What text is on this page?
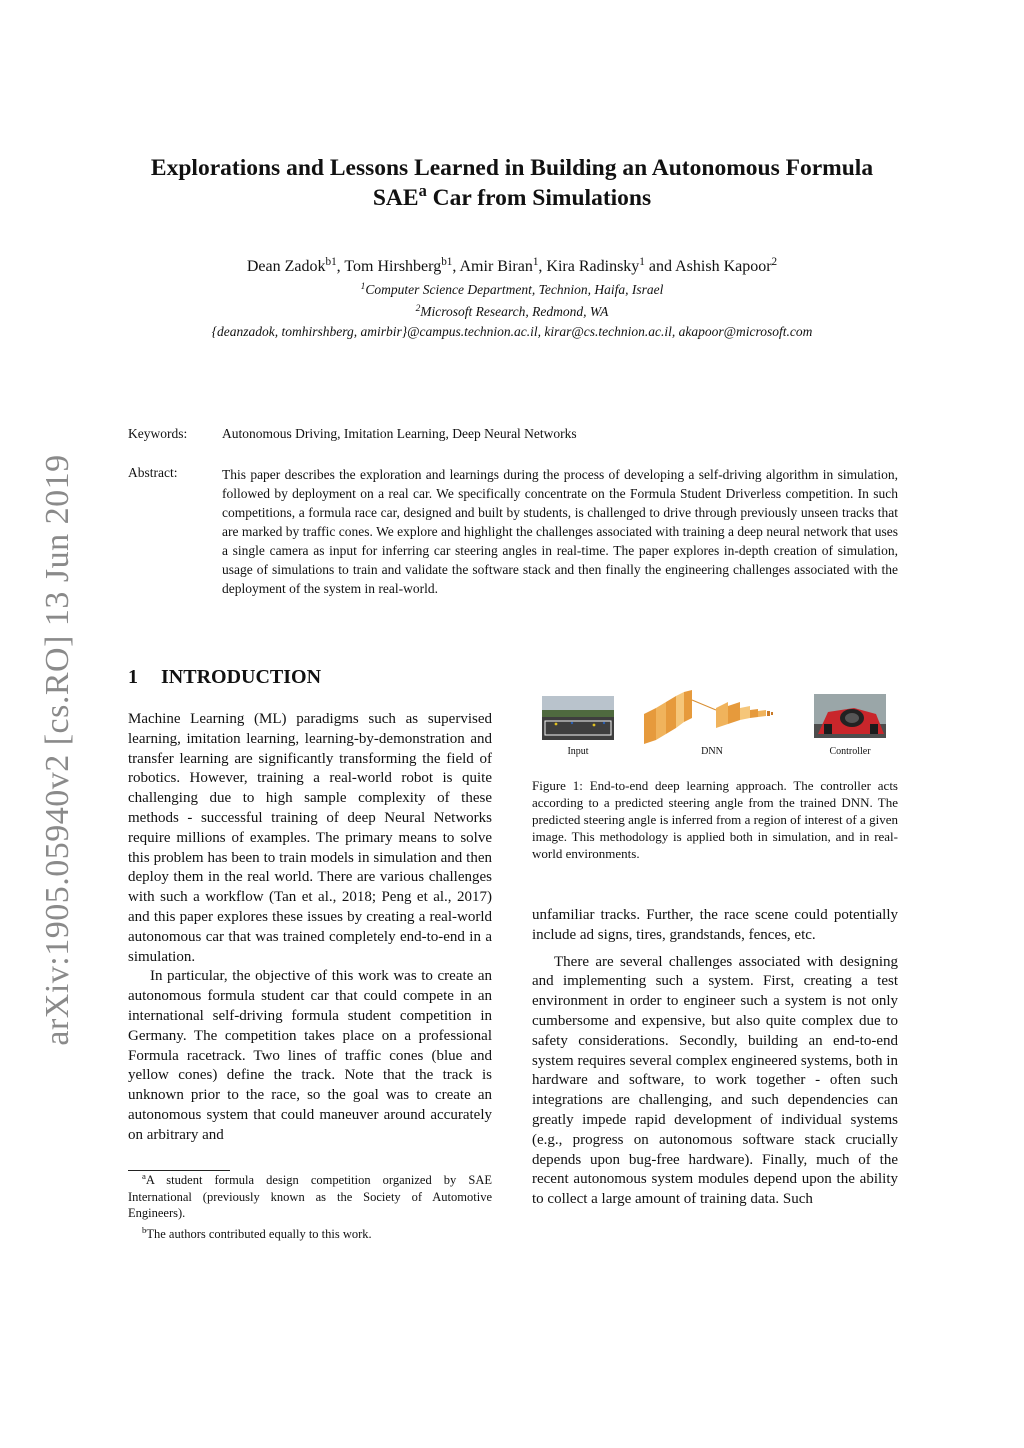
arXiv:1905.05940v2 [cs.RO] 13 Jun 2019
Explorations and Lessons Learned in Building an Autonomous Formula
SAE$^a$ Car from Simulations
Dean Zadok$^{b1}$, Tom Hirshberg$^{b1}$, Amir Biran$^1$, Kira Radinsky$^1$ and Ashish Kapoor$^2$
$^1$Computer Science Department, Technion, Haifa, Israel
$^2$Microsoft Research, Redmond, WA
{deanzadok, tomhirshberg, amirbir}@campus.technion.ac.il, kirar@cs.technion.ac.il, akapoor@microsoft.com
Keywords:	Autonomous Driving, Imitation Learning, Deep Neural Networks
Abstract:	This paper describes the exploration and learnings during the process of developing a self-driving algorithm in simulation, followed by deployment on a real car. We specifically concentrate on the Formula Student Driverless competition. In such competitions, a formula race car, designed and built by students, is challenged to drive through previously unseen tracks that are marked by traffic cones. We explore and highlight the challenges associated with training a deep neural network that uses a single camera as input for inferring car steering angles in real-time. The paper explores in-depth creation of simulation, usage of simulations to train and validate the software stack and then finally the engineering challenges associated with the deployment of the system in real-world.
1 INTRODUCTION

Machine Learning (ML) paradigms such as supervised learning, imitation learning, learning-by-demonstration and transfer learning are significantly transforming the field of robotics. However, training a real-world robot is quite challenging due to high sample complexity of these methods - successful training of deep Neural Networks require millions of examples. The primary means to solve this problem has been to train models in simulation and then deploy them in the real world. There are various challenges with such a workflow (Tan et al., 2018; Peng et al., 2017) and this paper explores these issues by creating a real-world autonomous car that was trained completely end-to-end in a simulation.

In particular, the objective of this work was to create an autonomous formula student car that could compete in an international self-driving formula student competition in Germany. The competition takes place on a professional Formula racetrack. Two lines of traffic cones (blue and yellow cones) define the track. Note that the track is unknown prior to the race, so the goal was to create an autonomous system that could maneuver around accurately on arbitrary and

$^a$A student formula design competition organized by SAE International (previously known as the Society of Automotive Engineers).
$^b$The authors contributed equally to this work.
Input	DNN	Controller
Figure 1: End-to-end deep learning approach. The controller acts according to a predicted steering angle from the trained DNN. The predicted steering angle is inferred from a region of interest of a given image. This methodology is applied both in simulation, and in real-world environments.

unfamiliar tracks. Further, the race scene could potentially include ad signs, tires, grandstands, fences, etc.

There are several challenges associated with designing and implementing such a system. First, creating a test environment in order to engineer such a system is not only cumbersome and expensive, but also quite complex due to safety considerations. Secondly, building an end-to-end system requires several complex engineered systems, both in hardware and software, to work together - often such integrations are challenging, and such dependencies can greatly impede rapid development of individual systems (e.g., progress on autonomous software stack crucially depends upon bug-free hardware). Finally, much of the recent autonomous system modules depend upon the ability to collect a large amount of training data. Such
